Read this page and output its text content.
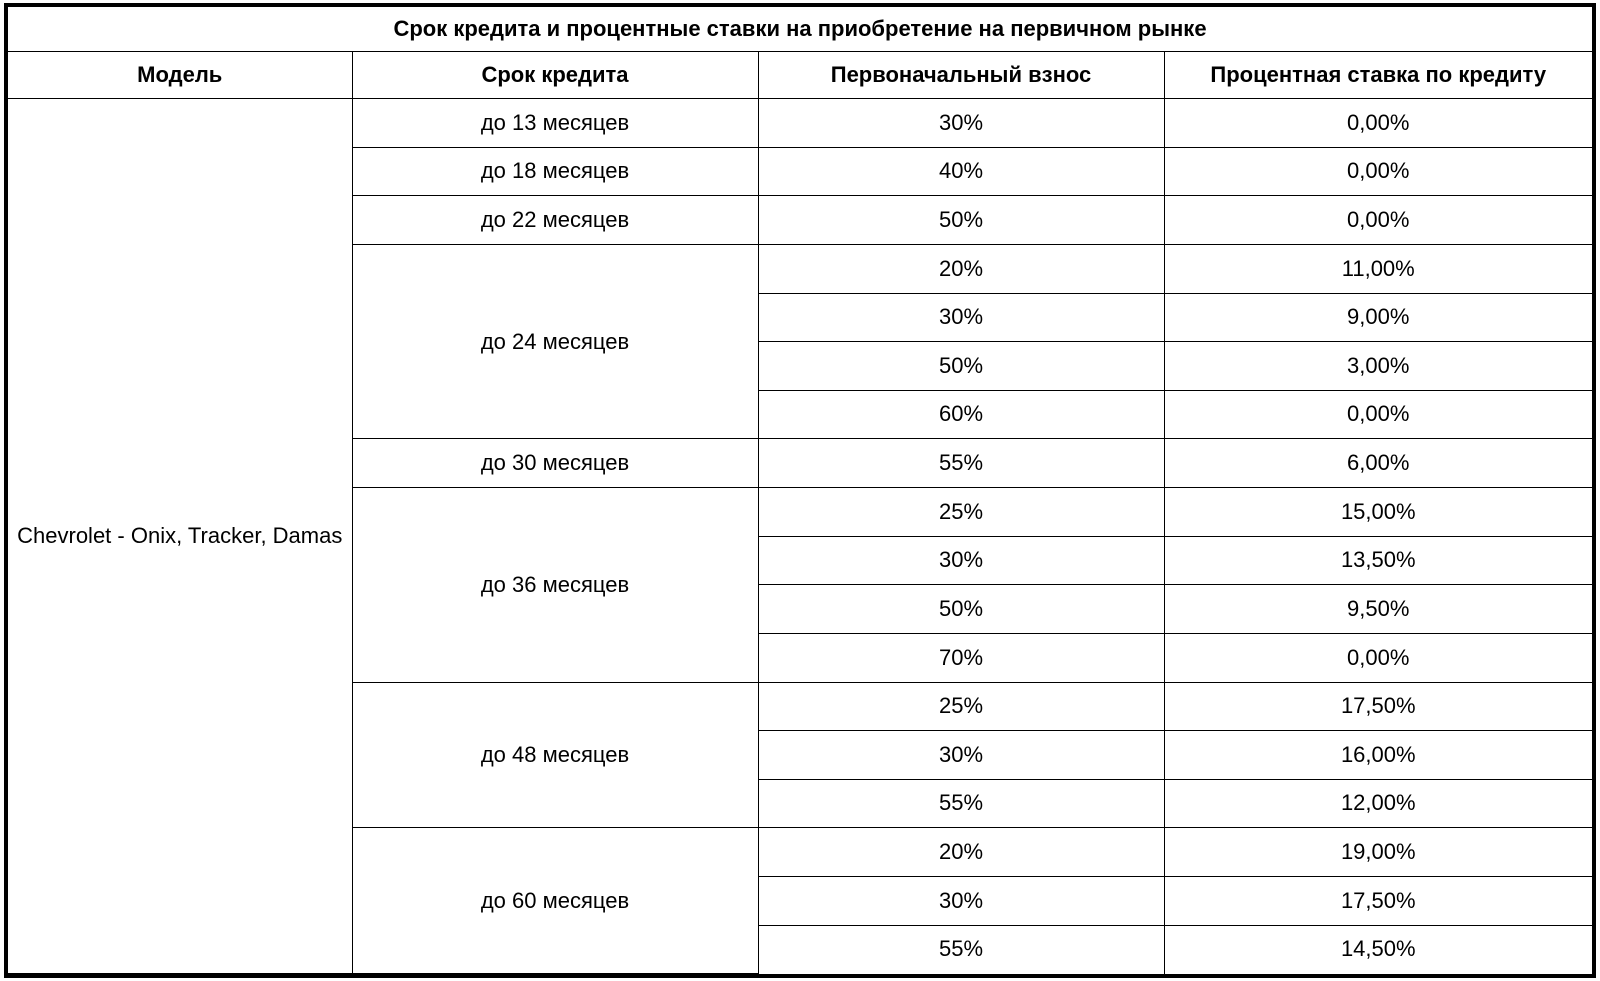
Срок кредита и процентные ставки на приобретение на первичном рынке			
Модель	Срок кредита	Первоначальный взнос	Процентная ставка по кредиту
Chevrolet - Onix, Tracker, Damas	до 13 месяцев	30%	0,00%
	до 18 месяцев	40%	0,00%
	до 22 месяцев	50%	0,00%
	до 24 месяцев	20%	11,00%
		30%	9,00%
		50%	3,00%
		60%	0,00%
	до 30 месяцев	55%	6,00%
	до 36 месяцев	25%	15,00%
		30%	13,50%
		50%	9,50%
		70%	0,00%
	до 48 месяцев	25%	17,50%
		30%	16,00%
		55%	12,00%
	до 60 месяцев	20%	19,00%
		30%	17,50%
		55%	14,50%
